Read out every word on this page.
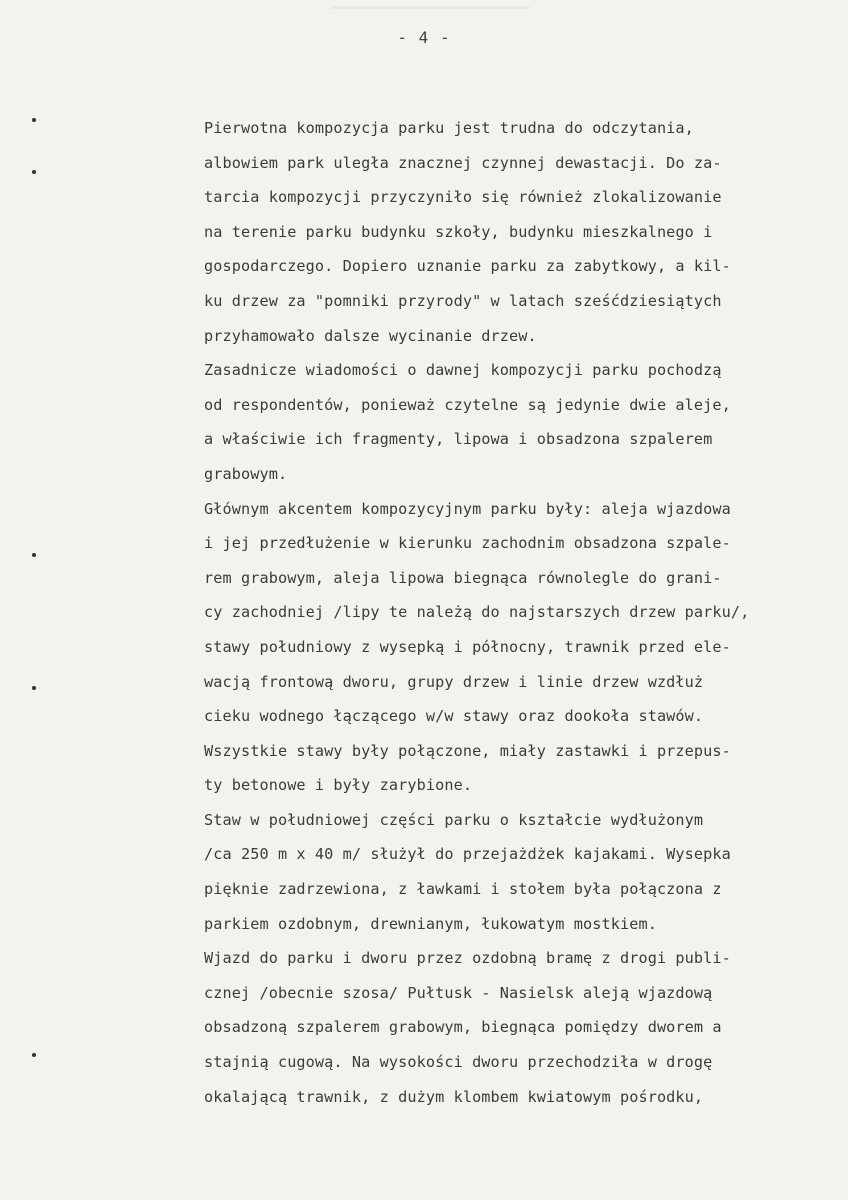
- 4 -
Pierwotna kompozycja parku jest trudna do odczytania,
albowiem park uległa znacznej czynnej dewastacji. Do za-
tarcia kompozycji przyczyniło się również zlokalizowanie
na terenie parku budynku szkoły, budynku mieszkalnego i
gospodarczego. Dopiero uznanie parku za zabytkowy, a kil-
ku drzew za "pomniki przyrody" w latach sześćdziesiątych
przyhamowało dalsze wycinanie drzew.
Zasadnicze wiadomości o dawnej kompozycji parku pochodzą
od respondentów, ponieważ czytelne są jedynie dwie aleje,
a właściwie ich fragmenty, lipowa i obsadzona szpalerem
grabowym.
Głównym akcentem kompozycyjnym parku były: aleja wjazdowa
i jej przedłużenie w kierunku zachodnim obsadzona szpale-
rem grabowym, aleja lipowa biegnąca równolegle do grani-
cy zachodniej /lipy te należą do najstarszych drzew parku/,
stawy południowy z wysepką i północny, trawnik przed ele-
wacją frontową dworu, grupy drzew i linie drzew wzdłuż
cieku wodnego łączącego w/w stawy oraz dookoła stawów.
Wszystkie stawy były połączone, miały zastawki i przepus-
ty betonowe i były zarybione.
Staw w południowej części parku o kształcie wydłużonym
/ca 250 m x 40 m/ służył do przejażdżek kajakami. Wysepka
pięknie zadrzewiona, z ławkami i stołem była połączona z
parkiem ozdobnym, drewnianym, łukowatym mostkiem.
Wjazd do parku i dworu przez ozdobną bramę z drogi publi-
cznej /obecnie szosa/ Pułtusk - Nasielsk aleją wjazdową
obsadzoną szpalerem grabowym, biegnąca pomiędzy dworem a
stajnią cugową. Na wysokości dworu przechodziła w drogę
okalającą trawnik, z dużym klombem kwiatowym pośrodku,
